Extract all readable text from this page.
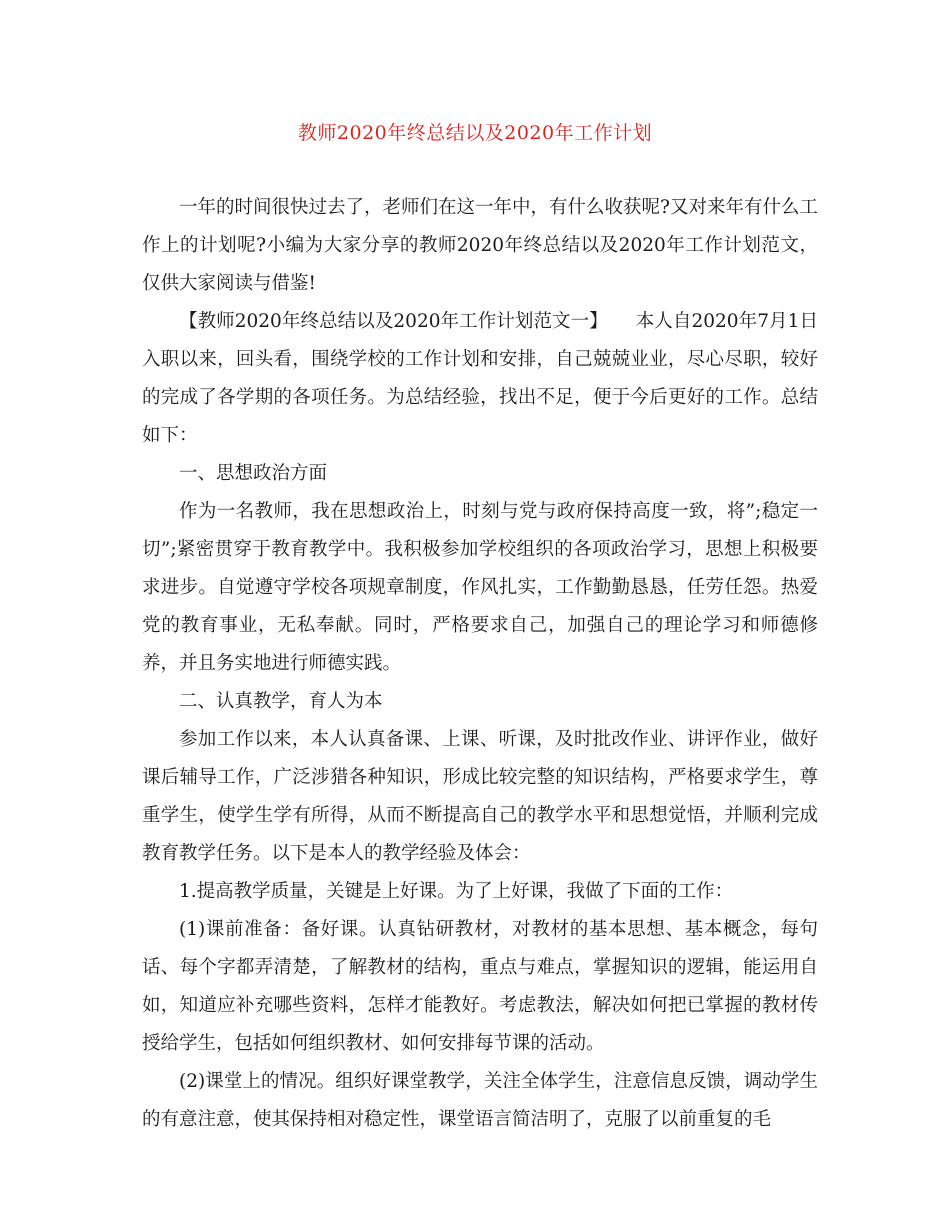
教师2020年终总结以及2020年工作计划

一年的时间很快过去了，老师们在这一年中，有什么收获呢?又对来年有什么工作上的计划呢?小编为大家分享的教师2020年终总结以及2020年工作计划范文，仅供大家阅读与借鉴!

【教师2020年终总结以及2020年工作计划范文一】　　本人自2020年7月1日入职以来，回头看，围绕学校的工作计划和安排，自己兢兢业业，尽心尽职，较好的完成了各学期的各项任务。为总结经验，找出不足，便于今后更好的工作。总结如下：

一、思想政治方面

作为一名教师，我在思想政治上，时刻与党与政府保持高度一致，将”;稳定一切”;紧密贯穿于教育教学中。我积极参加学校组织的各项政治学习，思想上积极要求进步。自觉遵守学校各项规章制度，作风扎实，工作勤勤恳恳，任劳任怨。热爱党的教育事业，无私奉献。同时，严格要求自己，加强自己的理论学习和师德修养，并且务实地进行师德实践。

二、认真教学，育人为本

参加工作以来，本人认真备课、上课、听课，及时批改作业、讲评作业，做好课后辅导工作，广泛涉猎各种知识，形成比较完整的知识结构，严格要求学生，尊重学生，使学生学有所得，从而不断提高自己的教学水平和思想觉悟，并顺利完成教育教学任务。以下是本人的教学经验及体会：

1.提高教学质量，关键是上好课。为了上好课，我做了下面的工作：

(1)课前准备：备好课。认真钻研教材，对教材的基本思想、基本概念，每句话、每个字都弄清楚，了解教材的结构，重点与难点，掌握知识的逻辑，能运用自如，知道应补充哪些资料，怎样才能教好。考虑教法，解决如何把已掌握的教材传授给学生，包括如何组织教材、如何安排每节课的活动。

(2)课堂上的情况。组织好课堂教学，关注全体学生，注意信息反馈，调动学生的有意注意，使其保持相对稳定性，课堂语言简洁明了，克服了以前重复的毛
